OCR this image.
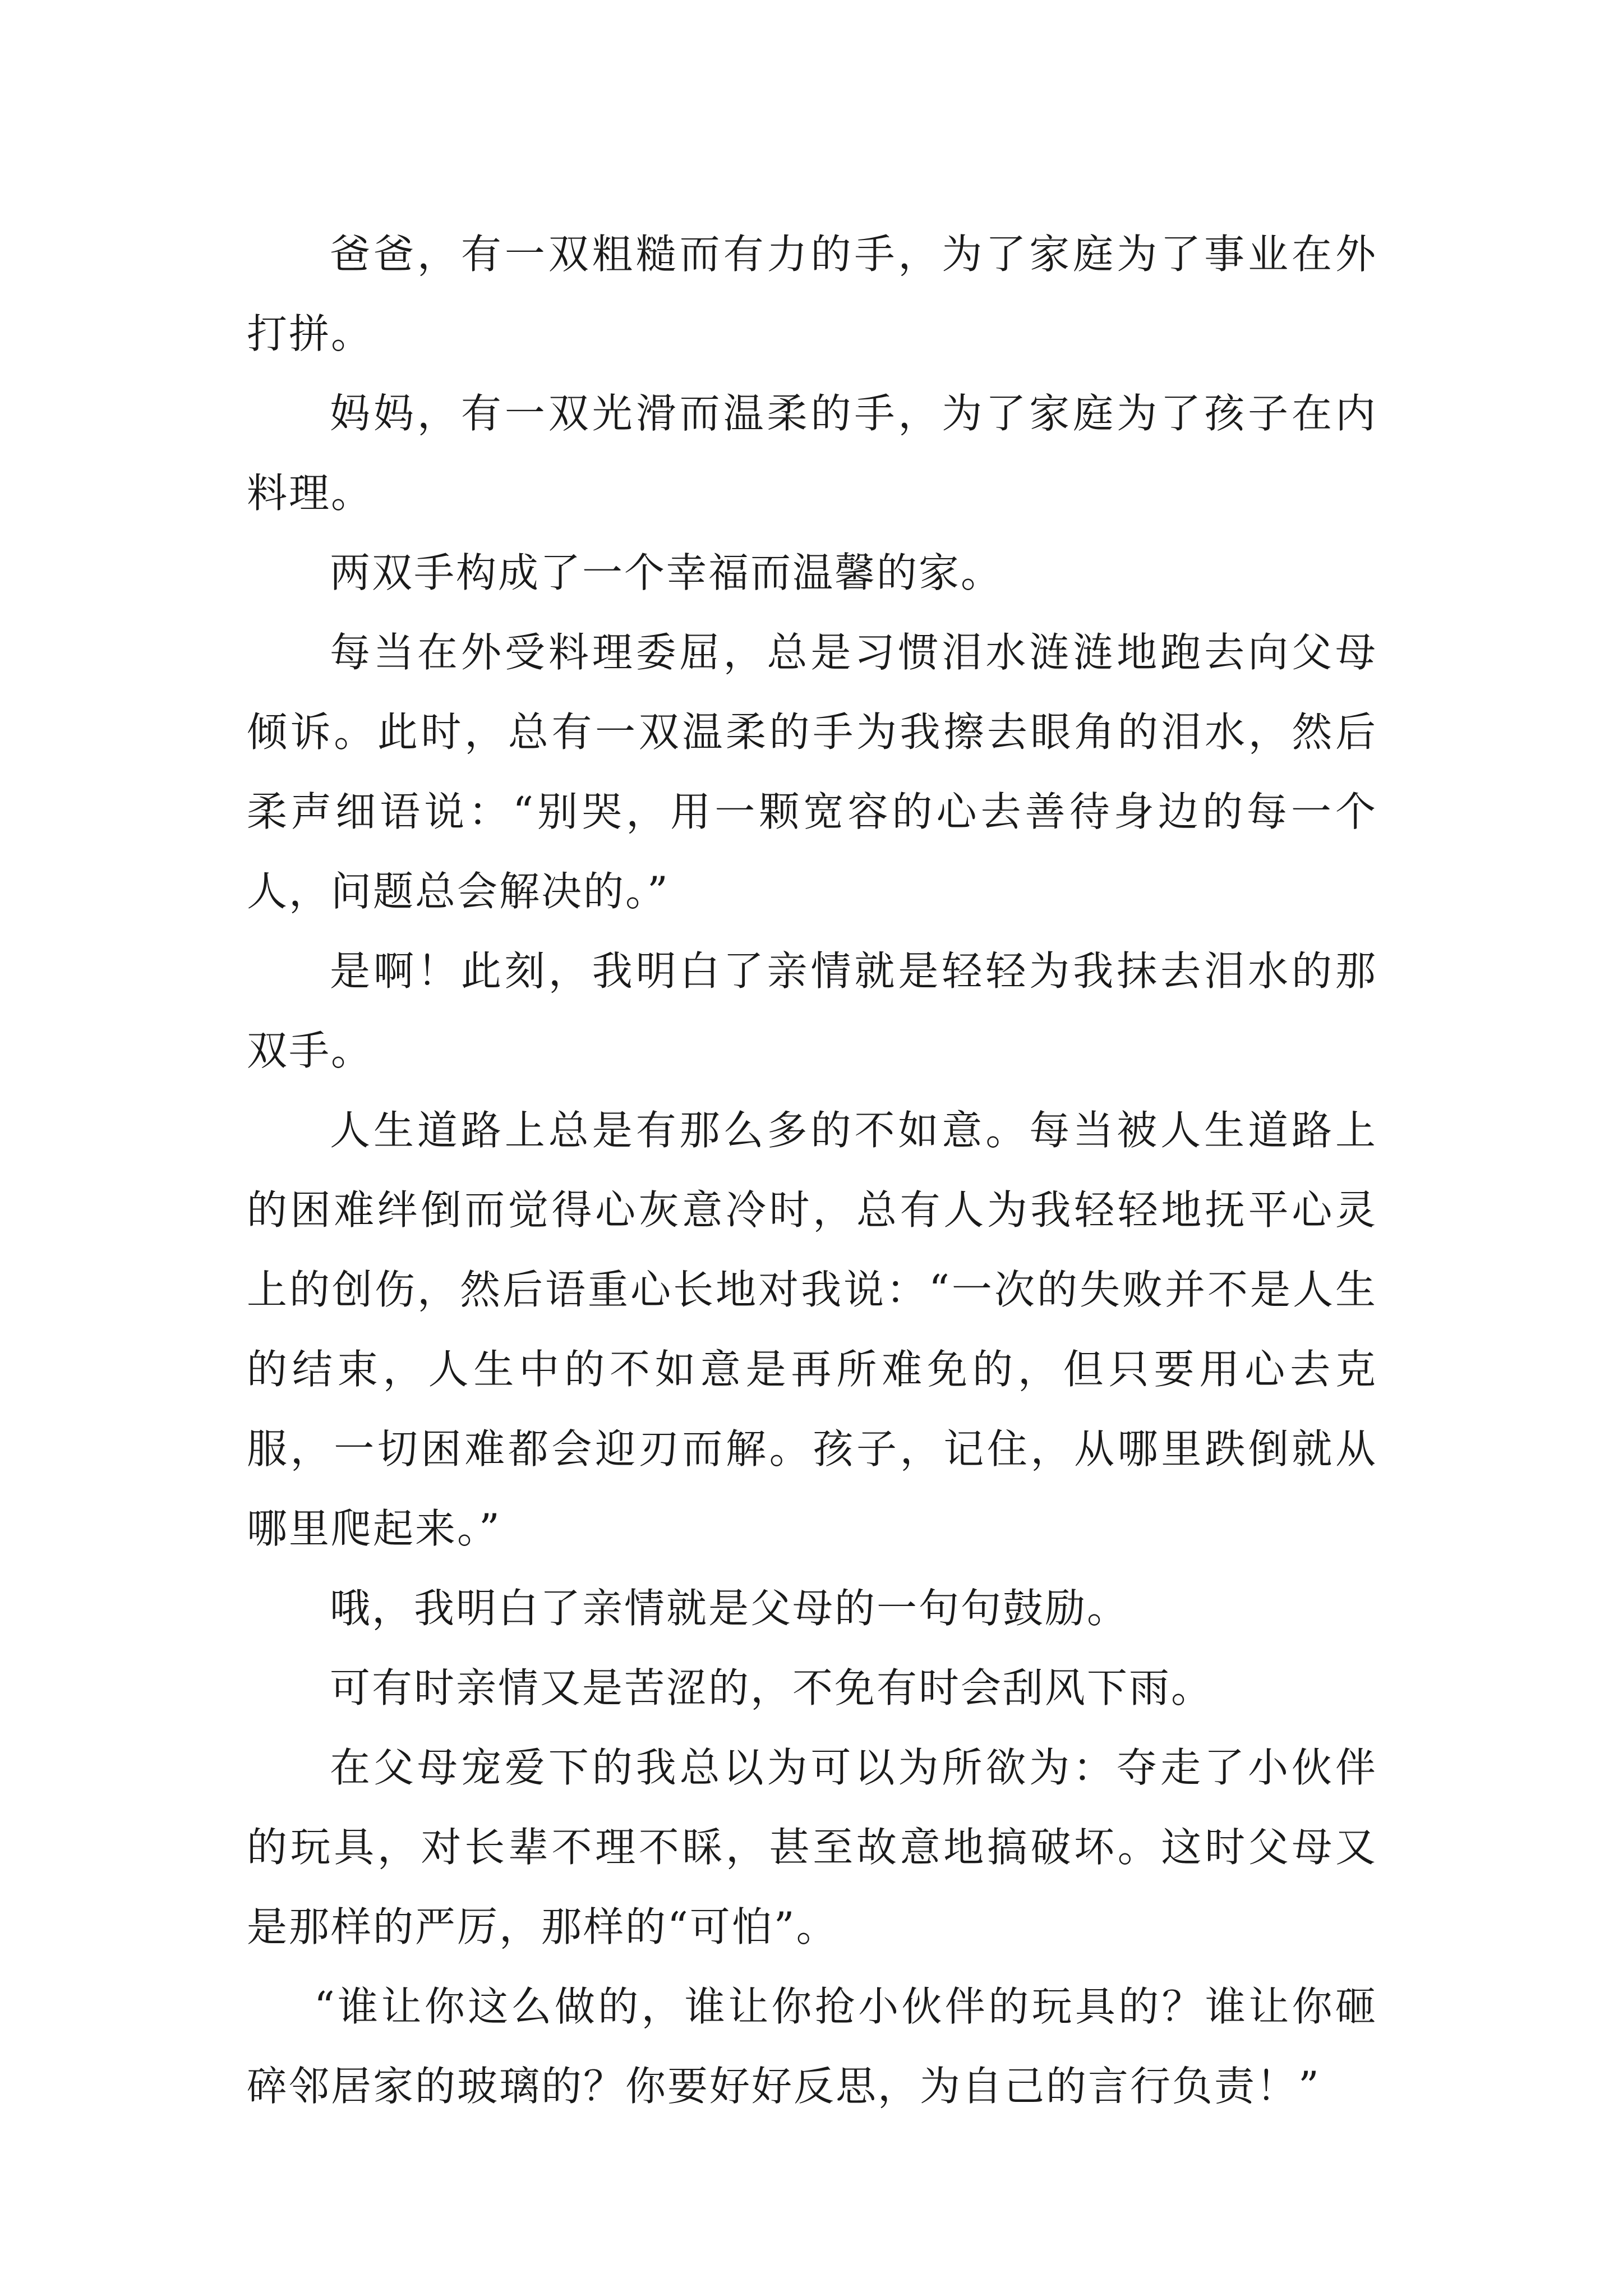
爸爸，有一双粗糙而有力的手，为了家庭为了事业在外打拼。

妈妈，有一双光滑而温柔的手，为了家庭为了孩子在内料理。

两双手构成了一个幸福而温馨的家。

每当在外受料理委屈，总是习惯泪水涟涟地跑去向父母倾诉。此时，总有一双温柔的手为我擦去眼角的泪水，然后柔声细语说：“别哭，用一颗宽容的心去善待身边的每一个人，问题总会解决的。”

是啊！此刻，我明白了亲情就是轻轻为我抹去泪水的那双手。

人生道路上总是有那么多的不如意。每当被人生道路上的困难绊倒而觉得心灰意冷时，总有人为我轻轻地抚平心灵上的创伤，然后语重心长地对我说：“一次的失败并不是人生的结束，人生中的不如意是再所难免的，但只要用心去克服，一切困难都会迎刃而解。孩子，记住，从哪里跌倒就从哪里爬起来。”

哦，我明白了亲情就是父母的一句句鼓励。

可有时亲情又是苦涩的，不免有时会刮风下雨。

在父母宠爱下的我总以为可以为所欲为：夺走了小伙伴的玩具，对长辈不理不睬，甚至故意地搞破坏。这时父母又是那样的严厉，那样的“可怕”。

“谁让你这么做的，谁让你抢小伙伴的玩具的？谁让你砸碎邻居家的玻璃的？你要好好反思，为自己的言行负责！”
